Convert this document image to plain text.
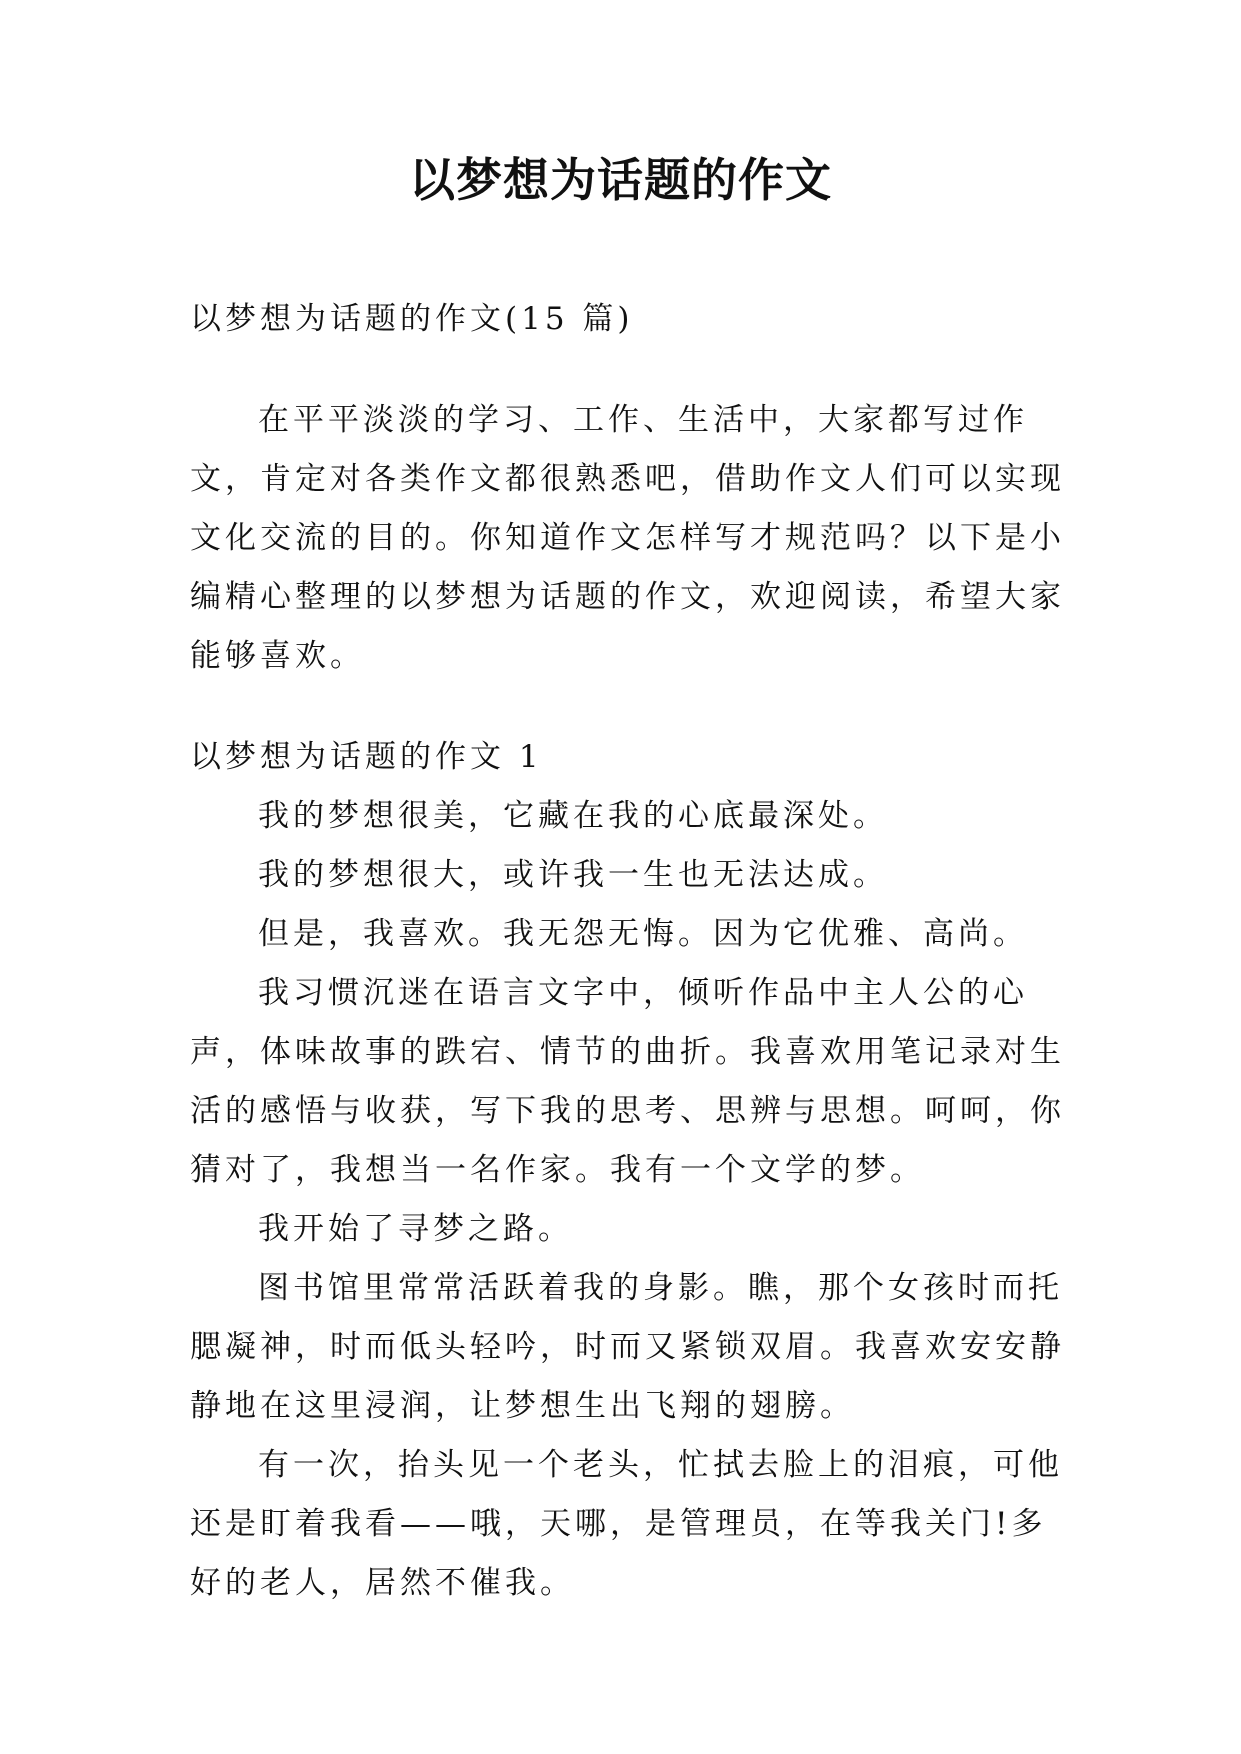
以梦想为话题的作文

以梦想为话题的作文(15 篇)

在平平淡淡的学习、工作、生活中，大家都写过作文，肯定对各类作文都很熟悉吧，借助作文人们可以实现文化交流的目的。你知道作文怎样写才规范吗？以下是小编精心整理的以梦想为话题的作文，欢迎阅读，希望大家能够喜欢。

以梦想为话题的作文 1

我的梦想很美，它藏在我的心底最深处。

我的梦想很大，或许我一生也无法达成。

但是，我喜欢。我无怨无悔。因为它优雅、高尚。

我习惯沉迷在语言文字中，倾听作品中主人公的心声，体味故事的跌宕、情节的曲折。我喜欢用笔记录对生活的感悟与收获，写下我的思考、思辨与思想。呵呵，你猜对了，我想当一名作家。我有一个文学的梦。

我开始了寻梦之路。

图书馆里常常活跃着我的身影。瞧，那个女孩时而托腮凝神，时而低头轻吟，时而又紧锁双眉。我喜欢安安静静地在这里浸润，让梦想生出飞翔的翅膀。

有一次，抬头见一个老头，忙拭去脸上的泪痕，可他还是盯着我看——哦，天哪，是管理员，在等我关门!多好的老人，居然不催我。
